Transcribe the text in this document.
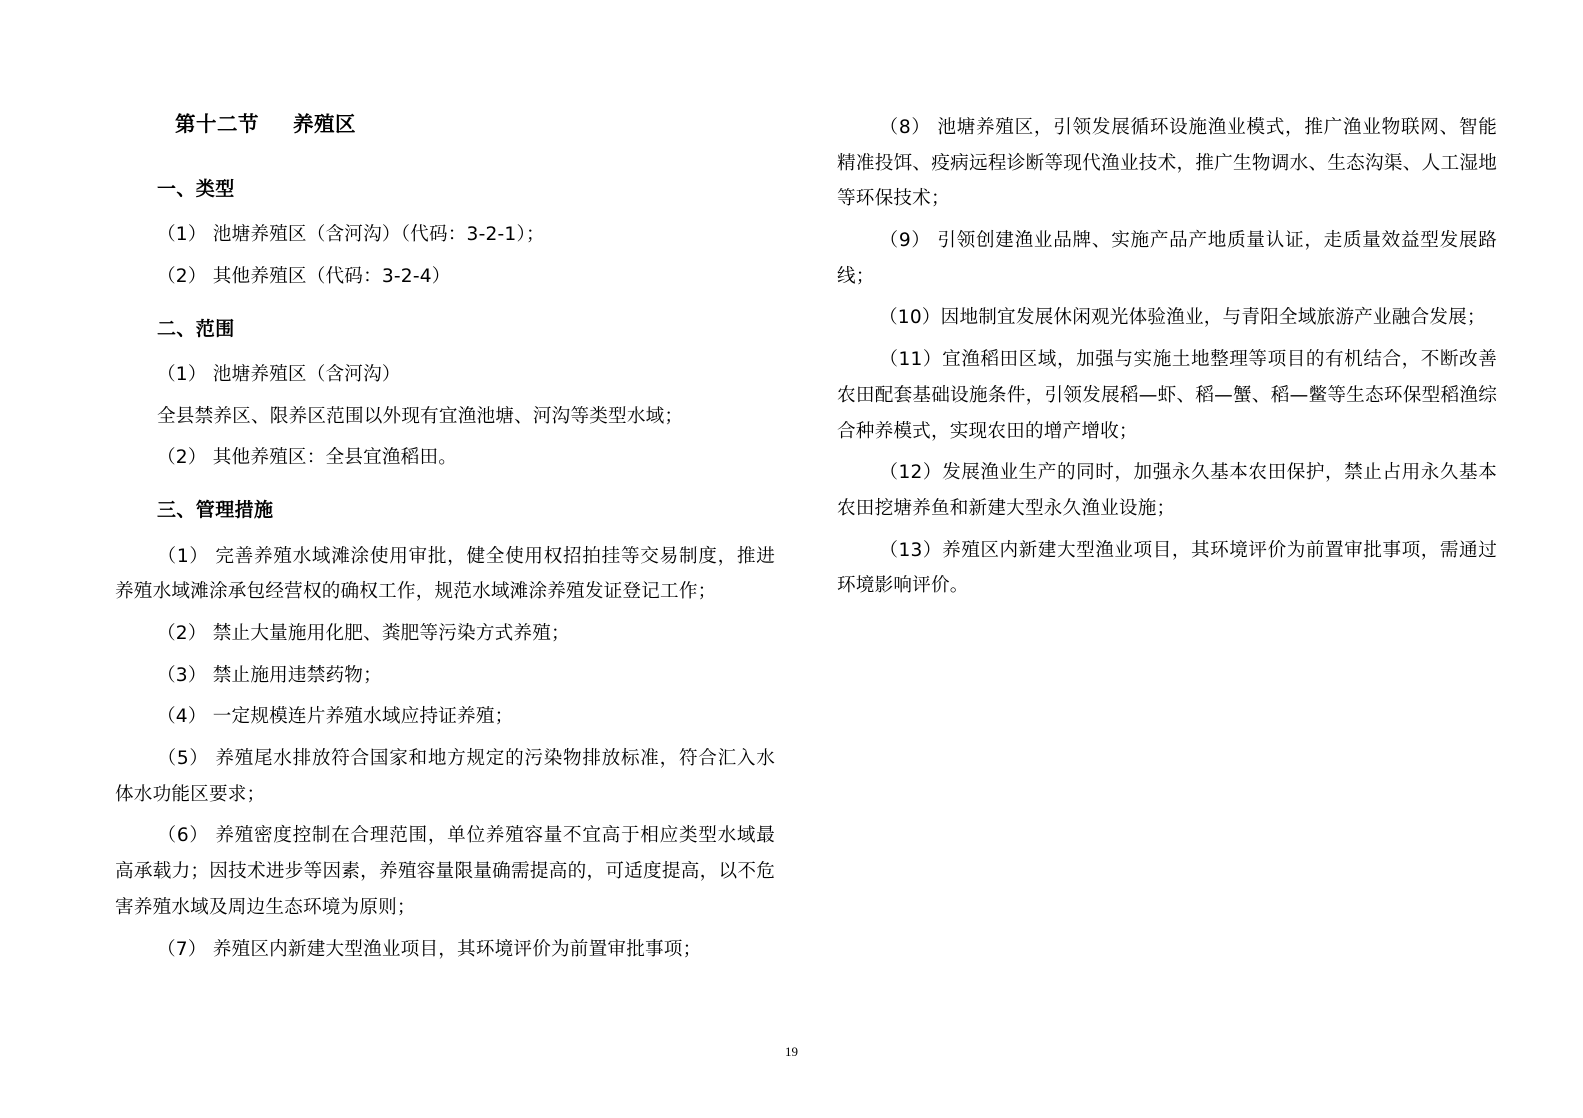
第十二节 养殖区
一、类型

（1） 池塘养殖区（含河沟）（代码：3-2-1）；

（2） 其他养殖区（代码：3-2-4）

二、范围

（1） 池塘养殖区（含河沟）

全县禁养区、限养区范围以外现有宜渔池塘、河沟等类型水域；

（2） 其他养殖区：全县宜渔稻田。

三、管理措施

（1） 完善养殖水域滩涂使用审批，健全使用权招拍挂等交易制度，推进养殖水域滩涂承包经营权的确权工作，规范水域滩涂养殖发证登记工作；

（2） 禁止大量施用化肥、粪肥等污染方式养殖；

（3） 禁止施用违禁药物；

（4） 一定规模连片养殖水域应持证养殖；

（5） 养殖尾水排放符合国家和地方规定的污染物排放标准，符合汇入水体水功能区要求；

（6） 养殖密度控制在合理范围，单位养殖容量不宜高于相应类型水域最高承载力；因技术进步等因素，养殖容量限量确需提高的，可适度提高，以不危害养殖水域及周边生态环境为原则；

（7） 养殖区内新建大型渔业项目，其环境评价为前置审批事项；

（8） 池塘养殖区，引领发展循环设施渔业模式，推广渔业物联网、智能精准投饵、疫病远程诊断等现代渔业技术，推广生物调水、生态沟渠、人工湿地等环保技术；

（9） 引领创建渔业品牌、实施产品产地质量认证，走质量效益型发展路线；

（10）因地制宜发展休闲观光体验渔业，与青阳全域旅游产业融合发展；

（11）宜渔稻田区域，加强与实施土地整理等项目的有机结合，不断改善农田配套基础设施条件，引领发展稻—虾、稻—蟹、稻—鳖等生态环保型稻渔综合种养模式，实现农田的增产增收；

（12）发展渔业生产的同时，加强永久基本农田保护，禁止占用永久基本农田挖塘养鱼和新建大型永久渔业设施；

（13）养殖区内新建大型渔业项目，其环境评价为前置审批事项，需通过环境影响评价。

19
